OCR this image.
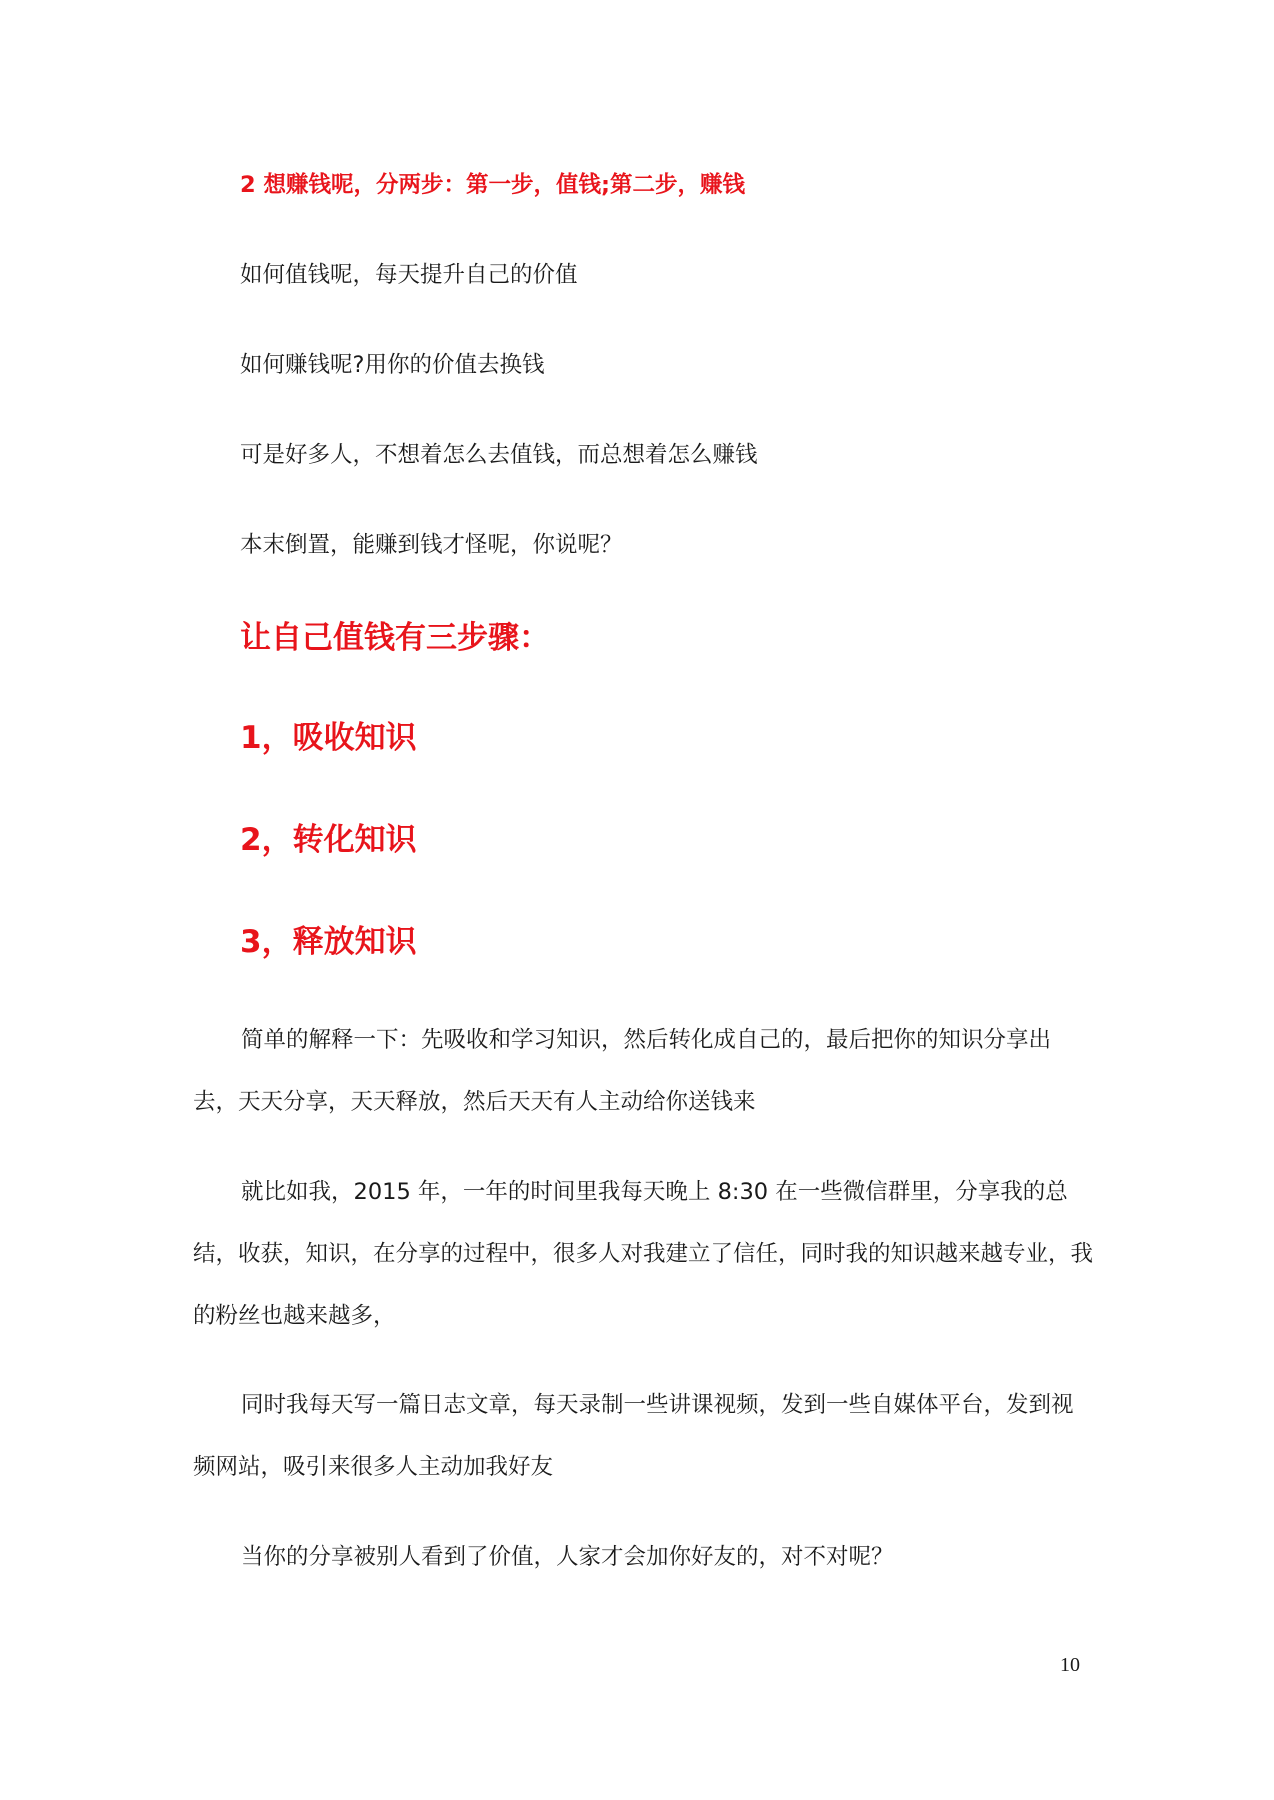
2 想赚钱呢，分两步：第一步，值钱;第二步，赚钱
如何值钱呢，每天提升自己的价值
如何赚钱呢?用你的价值去换钱
可是好多人，不想着怎么去值钱，而总想着怎么赚钱
本末倒置，能赚到钱才怪呢，你说呢？
让自己值钱有三步骤：
1，吸收知识
2，转化知识
3，释放知识
简单的解释一下：先吸收和学习知识，然后转化成自己的，最后把你的知识分享出去，天天分享，天天释放，然后天天有人主动给你送钱来
就比如我，2015 年，一年的时间里我每天晚上 8:30 在一些微信群里，分享我的总结，收获，知识，在分享的过程中，很多人对我建立了信任，同时我的知识越来越专业，我的粉丝也越来越多，
同时我每天写一篇日志文章，每天录制一些讲课视频，发到一些自媒体平台，发到视频网站，吸引来很多人主动加我好友
当你的分享被别人看到了价值，人家才会加你好友的，对不对呢？
10
